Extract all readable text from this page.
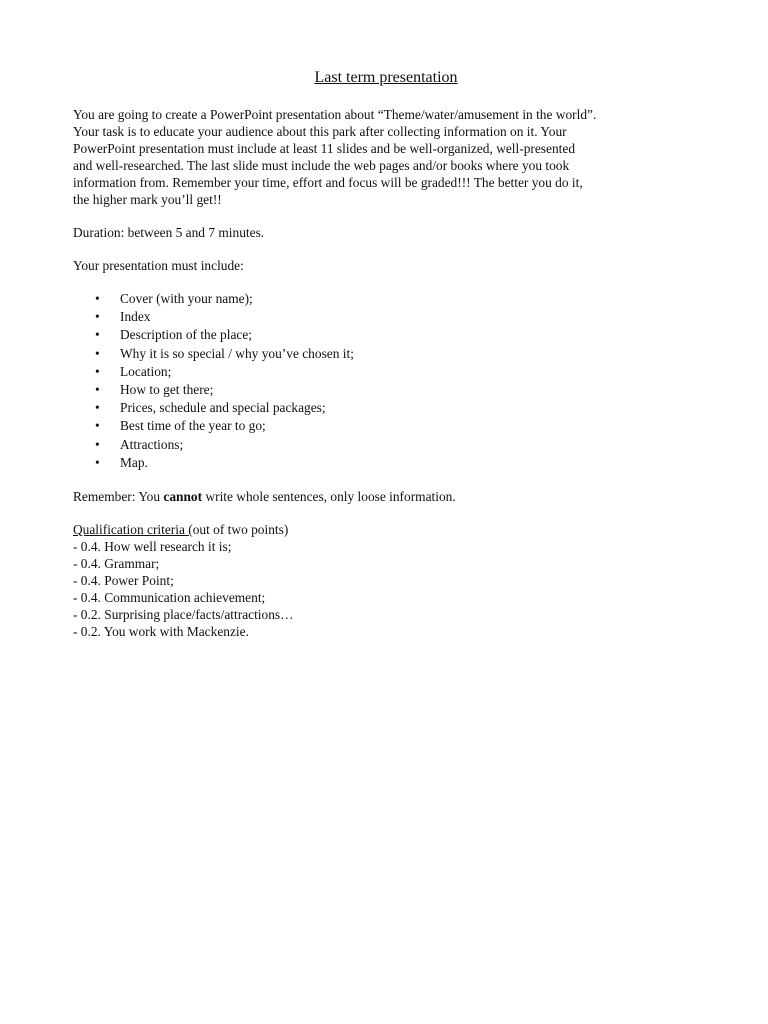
Last term presentation
You are going to create a PowerPoint presentation about “Theme/water/amusement in the world”.
Your task is to educate your audience about this park after collecting information on it. Your
PowerPoint presentation must include at least 11 slides and be well-organized, well-presented
and well-researched. The last slide must include the web pages and/or books where you took
information from. Remember your time, effort and focus will be graded!!! The better you do it,
the higher mark you’ll get!!
Duration: between 5 and 7 minutes.
Your presentation must include:
• Cover (with your name);
• Index
• Description of the place;
• Why it is so special / why you’ve chosen it;
• Location;
• How to get there;
• Prices, schedule and special packages;
• Best time of the year to go;
• Attractions;
• Map.
Remember: You cannot write whole sentences, only loose information.
Qualification criteria (out of two points)
- 0.4. How well research it is;
- 0.4. Grammar;
- 0.4. Power Point;
- 0.4. Communication achievement;
- 0.2. Surprising place/facts/attractions…
- 0.2. You work with Mackenzie.
